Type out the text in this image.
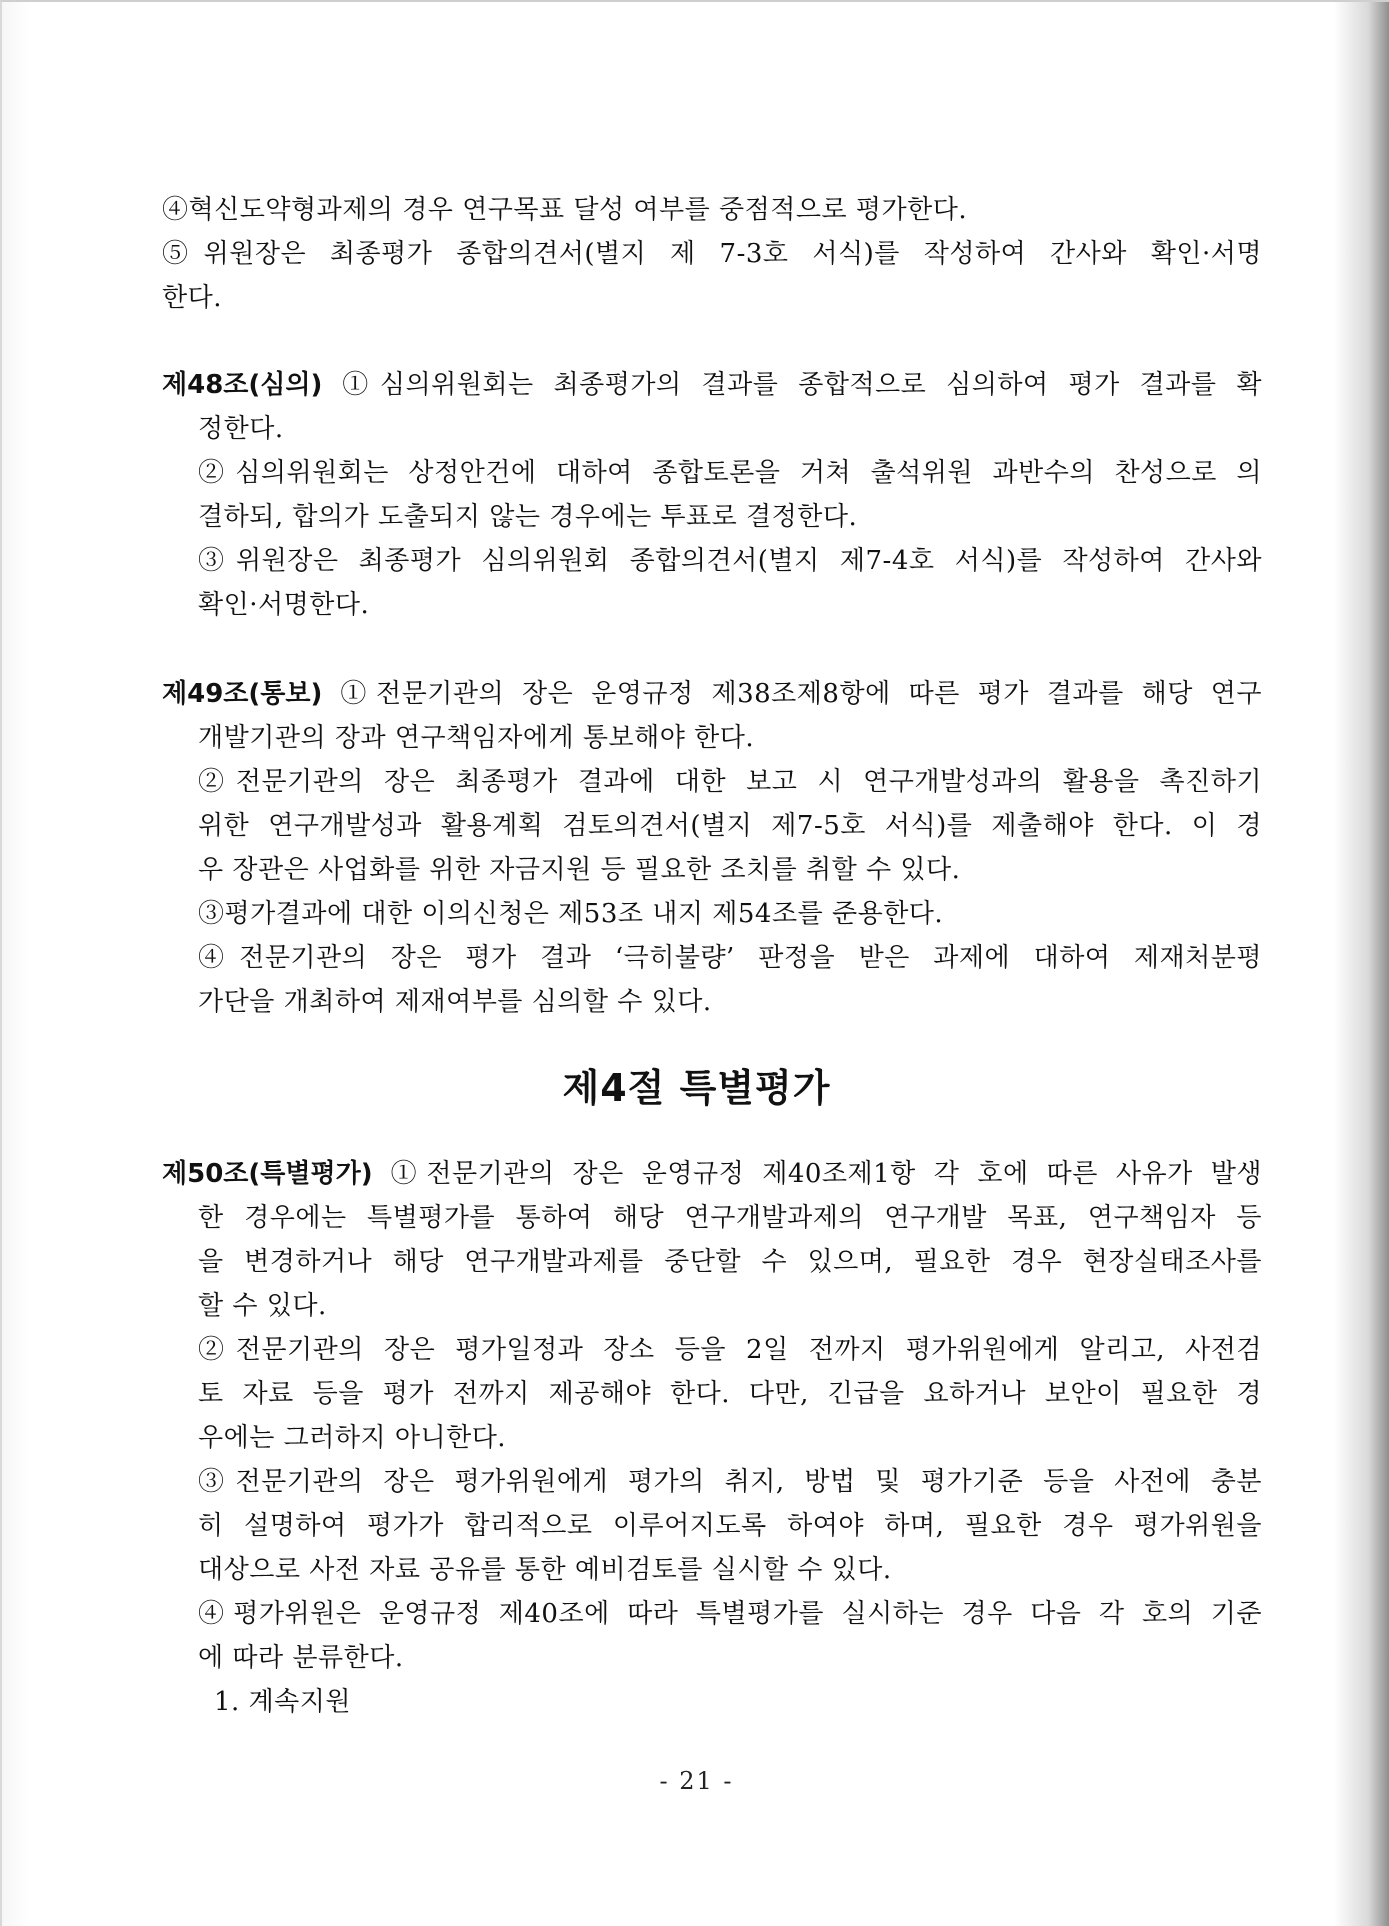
④혁신도약형과제의 경우 연구목표 달성 여부를 중점적으로 평가한다.
⑤위원장은 최종평가 종합의견서(별지 제 7-3호 서식)를 작성하여 간사와 확인·서명
한다.
제48조(심의) ①심의위원회는 최종평가의 결과를 종합적으로 심의하여 평가 결과를 확
정한다.
②심의위원회는 상정안건에 대하여 종합토론을 거쳐 출석위원 과반수의 찬성으로 의
결하되, 합의가 도출되지 않는 경우에는 투표로 결정한다.
③위원장은 최종평가 심의위원회 종합의견서(별지 제7-4호 서식)를 작성하여 간사와
확인·서명한다.
제49조(통보) ①전문기관의 장은 운영규정 제38조제8항에 따른 평가 결과를 해당 연구
개발기관의 장과 연구책임자에게 통보해야 한다.
②전문기관의 장은 최종평가 결과에 대한 보고 시 연구개발성과의 활용을 촉진하기
위한 연구개발성과 활용계획 검토의견서(별지 제7-5호 서식)를 제출해야 한다. 이 경
우 장관은 사업화를 위한 자금지원 등 필요한 조치를 취할 수 있다.
③평가결과에 대한 이의신청은 제53조 내지 제54조를 준용한다.
④전문기관의 장은 평가 결과 ‘극히불량’ 판정을 받은 과제에 대하여 제재처분평
가단을 개최하여 제재여부를 심의할 수 있다.
제4절 특별평가
제50조(특별평가) ①전문기관의 장은 운영규정 제40조제1항 각 호에 따른 사유가 발생
한 경우에는 특별평가를 통하여 해당 연구개발과제의 연구개발 목표, 연구책임자 등
을 변경하거나 해당 연구개발과제를 중단할 수 있으며, 필요한 경우 현장실태조사를
할 수 있다.
②전문기관의 장은 평가일정과 장소 등을 2일 전까지 평가위원에게 알리고, 사전검
토 자료 등을 평가 전까지 제공해야 한다. 다만, 긴급을 요하거나 보안이 필요한 경
우에는 그러하지 아니한다.
③전문기관의 장은 평가위원에게 평가의 취지, 방법 및 평가기준 등을 사전에 충분
히 설명하여 평가가 합리적으로 이루어지도록 하여야 하며, 필요한 경우 평가위원을
대상으로 사전 자료 공유를 통한 예비검토를 실시할 수 있다.
④평가위원은 운영규정 제40조에 따라 특별평가를 실시하는 경우 다음 각 호의 기준
에 따라 분류한다.
1. 계속지원

- 21 -
